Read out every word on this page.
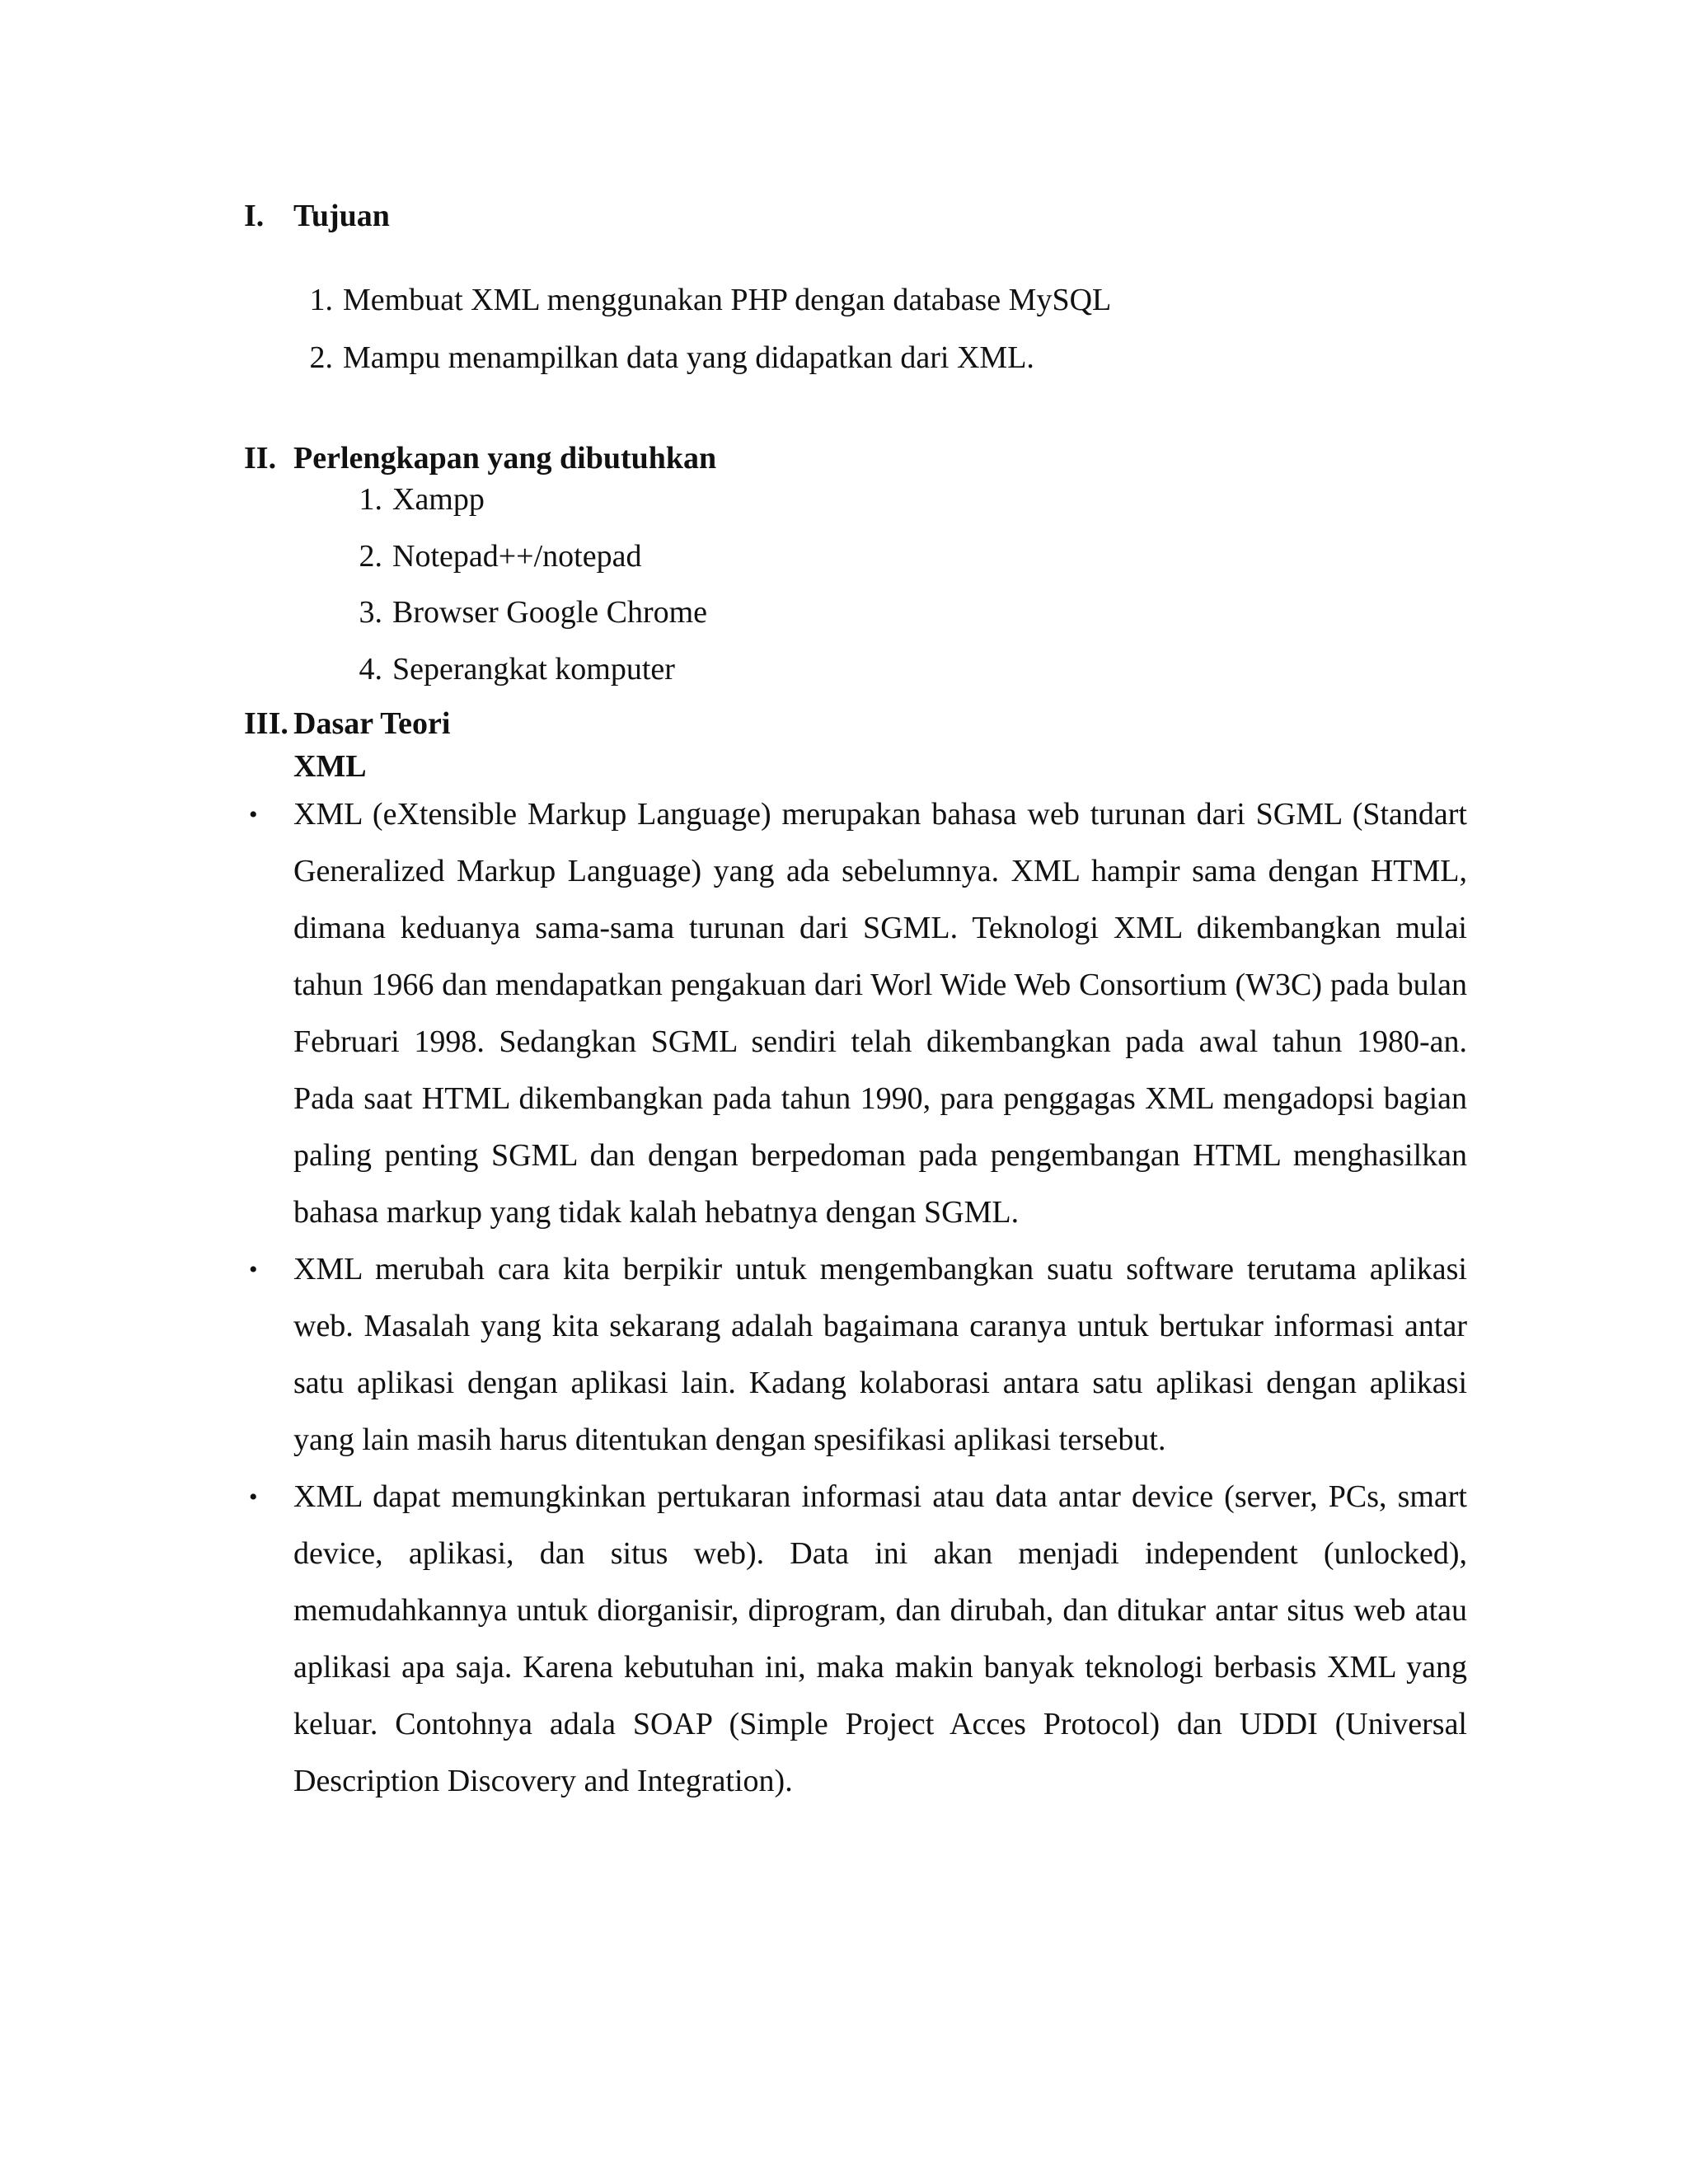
I. Tujuan
1. Membuat XML menggunakan PHP dengan database MySQL
2. Mampu menampilkan data yang didapatkan dari XML.
II. Perlengkapan yang dibutuhkan
1. Xampp
2. Notepad++/notepad
3. Browser Google Chrome
4. Seperangkat komputer
III. Dasar Teori
XML
• XML (eXtensible Markup Language) merupakan bahasa web turunan dari SGML (Standart Generalized Markup Language) yang ada sebelumnya. XML hampir sama dengan HTML, dimana keduanya sama-sama turunan dari SGML. Teknologi XML dikembangkan mulai tahun 1966 dan mendapatkan pengakuan dari Worl Wide Web Consortium (W3C) pada bulan Februari 1998. Sedangkan SGML sendiri telah dikembangkan pada awal tahun 1980-an. Pada saat HTML dikembangkan pada tahun 1990, para penggagas XML mengadopsi bagian paling penting SGML dan dengan berpedoman pada pengembangan HTML menghasilkan bahasa markup yang tidak kalah hebatnya dengan SGML.
• XML merubah cara kita berpikir untuk mengembangkan suatu software terutama aplikasi web. Masalah yang kita sekarang adalah bagaimana caranya untuk bertukar informasi antar satu aplikasi dengan aplikasi lain. Kadang kolaborasi antara satu aplikasi dengan aplikasi yang lain masih harus ditentukan dengan spesifikasi aplikasi tersebut.
• XML dapat memungkinkan pertukaran informasi atau data antar device (server, PCs, smart device, aplikasi, dan situs web). Data ini akan menjadi independent (unlocked), memudahkannya untuk diorganisir, diprogram, dan dirubah, dan ditukar antar situs web atau aplikasi apa saja. Karena kebutuhan ini, maka makin banyak teknologi berbasis XML yang keluar. Contohnya adala SOAP (Simple Project Acces Protocol) dan UDDI (Universal Description Discovery and Integration).
